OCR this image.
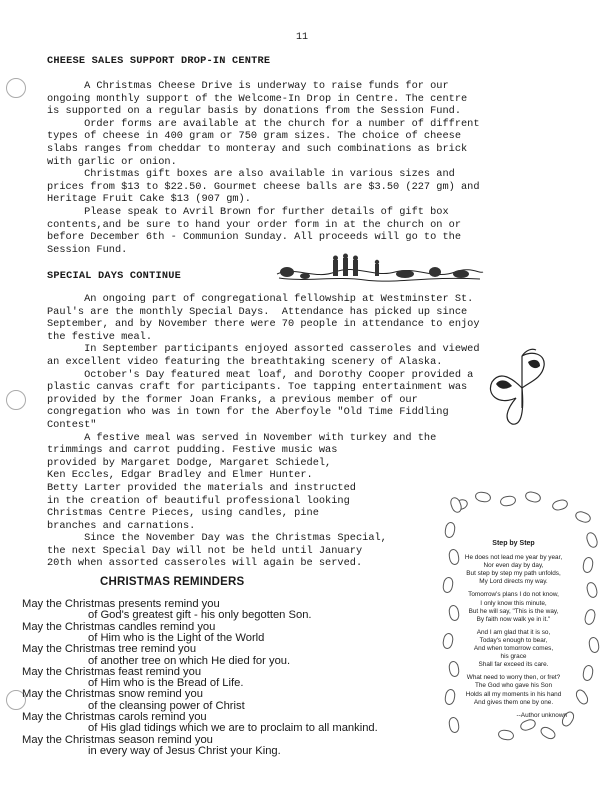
11
CHEESE SALES SUPPORT DROP-IN CENTRE
A Christmas Cheese Drive is underway to raise funds for our
ongoing monthly support of the Welcome-In Drop in Centre. The centre
is supported on a regular basis by donations from the Session Fund.
Order forms are available at the church for a number of diffrent
types of cheese in 400 gram or 750 gram sizes. The choice of cheese
slabs ranges from cheddar to monteray and such combinations as brick
with garlic or onion.
Christmas gift boxes are also available in various sizes and
prices from $13 to $22.50. Gourmet cheese balls are $3.50 (227 gm) and
Heritage Fruit Cake $13 (907 gm).
Please speak to Avril Brown for further details of gift box
contents,and be sure to hand your order form in at the church on or
before December 6th - Communion Sunday. All proceeds will go to the
Session Fund.
SPECIAL DAYS CONTINUE
An ongoing part of congregational fellowship at Westminster St.
Paul's are the monthly Special Days.  Attendance has picked up since
September, and by November there were 70 people in attendance to enjoy
the festive meal.
In September participants enjoyed assorted casseroles and viewed
an excellent video featuring the breathtaking scenery of Alaska.
October's Day featured meat loaf, and Dorothy Cooper provided a
plastic canvas craft for participants. Toe tapping entertainment was
provided by the former Joan Franks, a previous member of our
congregation who was in town for the Aberfoyle "Old Time Fiddling
Contest"
A festive meal was served in November with turkey and the
trimmings and carrot pudding. Festive music was
provided by Margaret Dodge, Margaret Schiedel,
Ken Eccles, Edgar Bradley and Elmer Hunter.
Betty Larter provided the materials and instructed
in the creation of beautiful professional looking
Christmas Centre Pieces, using candles, pine
branches and carnations.
Since the November Day was the Christmas Special,
the next Special Day will not be held until January
20th when assorted casseroles will again be served.
CHRISTMAS REMINDERS
May the Christmas presents remind you
of God's greatest gift - his only begotten Son.
May the Christmas candles remind you
of Him who is the Light of the World
May the Christmas tree remind you
of another tree on which He died for you.
May the Christmas feast remind you
of Him who is the Bread of Life.
May the Christmas snow remind you
of the cleansing power of Christ
May the Christmas carols remind you
of His glad tidings which we are to proclaim to all mankind.
May the Christmas season remind you
in every way of Jesus Christ your King.
Step by Step
He does not lead me year by year,
Nor even day by day,
But step by step my path unfolds,
My Lord directs my way.
Tomorrow's plans I do not know,
I only know this minute,
But he will say, "This is the way,
By faith now walk ye in it."
And I am glad that it is so,
Today's enough to bear,
And when tomorrow comes,
his grace
Shall far exceed its care.
What need to worry then, or fret?
The God who gave his Son
Holds all my moments in his hand
And gives them one by one.
--Author unknown
